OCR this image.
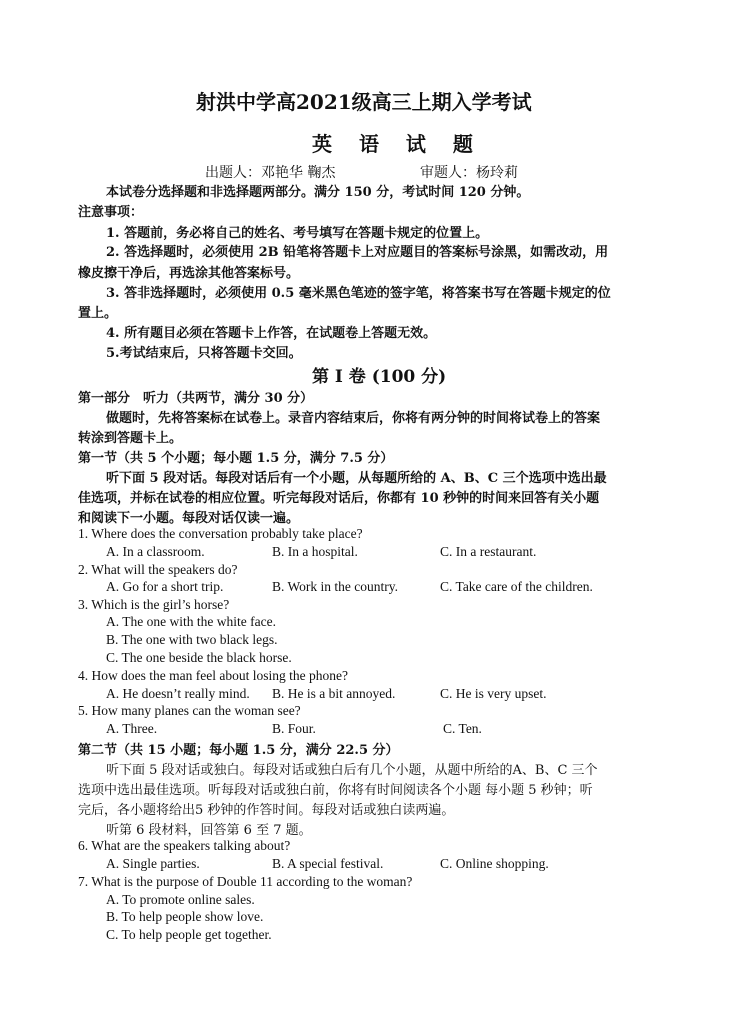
射洪中学高2021级高三上期入学考试
英 语 试 题
出题人：邓艳华 鞠杰	审题人：杨玲莉
本试卷分选择题和非选择题两部分。满分 150 分，考试时间 120 分钟。
注意事项：
1. 答题前，务必将自己的姓名、考号填写在答题卡规定的位置上。
2. 答选择题时，必须使用 2B 铅笔将答题卡上对应题目的答案标号涂黑，如需改动，用
橡皮擦干净后，再选涂其他答案标号。
3. 答非选择题时，必须使用 0.5 毫米黑色笔迹的签字笔，将答案书写在答题卡规定的位
置上。
4. 所有题目必须在答题卡上作答，在试题卷上答题无效。
5.考试结束后，只将答题卡交回。
第 I 卷 (100 分)
第一部分　听力（共两节，满分 30 分）
做题时，先将答案标在试卷上。录音内容结束后，你将有两分钟的时间将试卷上的答案
转涂到答题卡上。
第一节（共 5 个小题；每小题 1.5 分，满分 7.5 分）
听下面 5 段对话。每段对话后有一个小题，从每题所给的 A、B、C 三个选项中选出最
佳选项，并标在试卷的相应位置。听完每段对话后，你都有 10 秒钟的时间来回答有关小题
和阅读下一小题。每段对话仅读一遍。
1. Where does the conversation probably take place?
A. In a classroom.	B. In a hospital.	C. In a restaurant.
2. What will the speakers do?
A. Go for a short trip.	B. Work in the country.	C. Take care of the children.
3. Which is the girl’s horse?
A. The one with the white face.
B. The one with two black legs.
C. The one beside the black horse.
4. How does the man feel about losing the phone?
A. He doesn’t really mind. B. He is a bit annoyed.	C. He is very upset.
5. How many planes can the woman see?
A. Three.	B. Four.	C. Ten.
第二节（共 15 小题；每小题 1.5 分，满分 22.5 分）
听下面 5 段对话或独白。每段对话或独白后有几个小题，从题中所给的A、B、C 三个
选项中选出最佳选项。听每段对话或独白前，你将有时间阅读各个小题 每小题 5 秒钟；听
完后，各小题将给出5 秒钟的作答时间。每段对话或独白读两遍。
听第 6 段材料，回答第 6 至 7 题。
6. What are the speakers talking about?
A. Single parties.	B. A special festival.	C. Online shopping.
7. What is the purpose of Double 11 according to the woman?
A. To promote online sales.
B. To help people show love.
C. To help people get together.
